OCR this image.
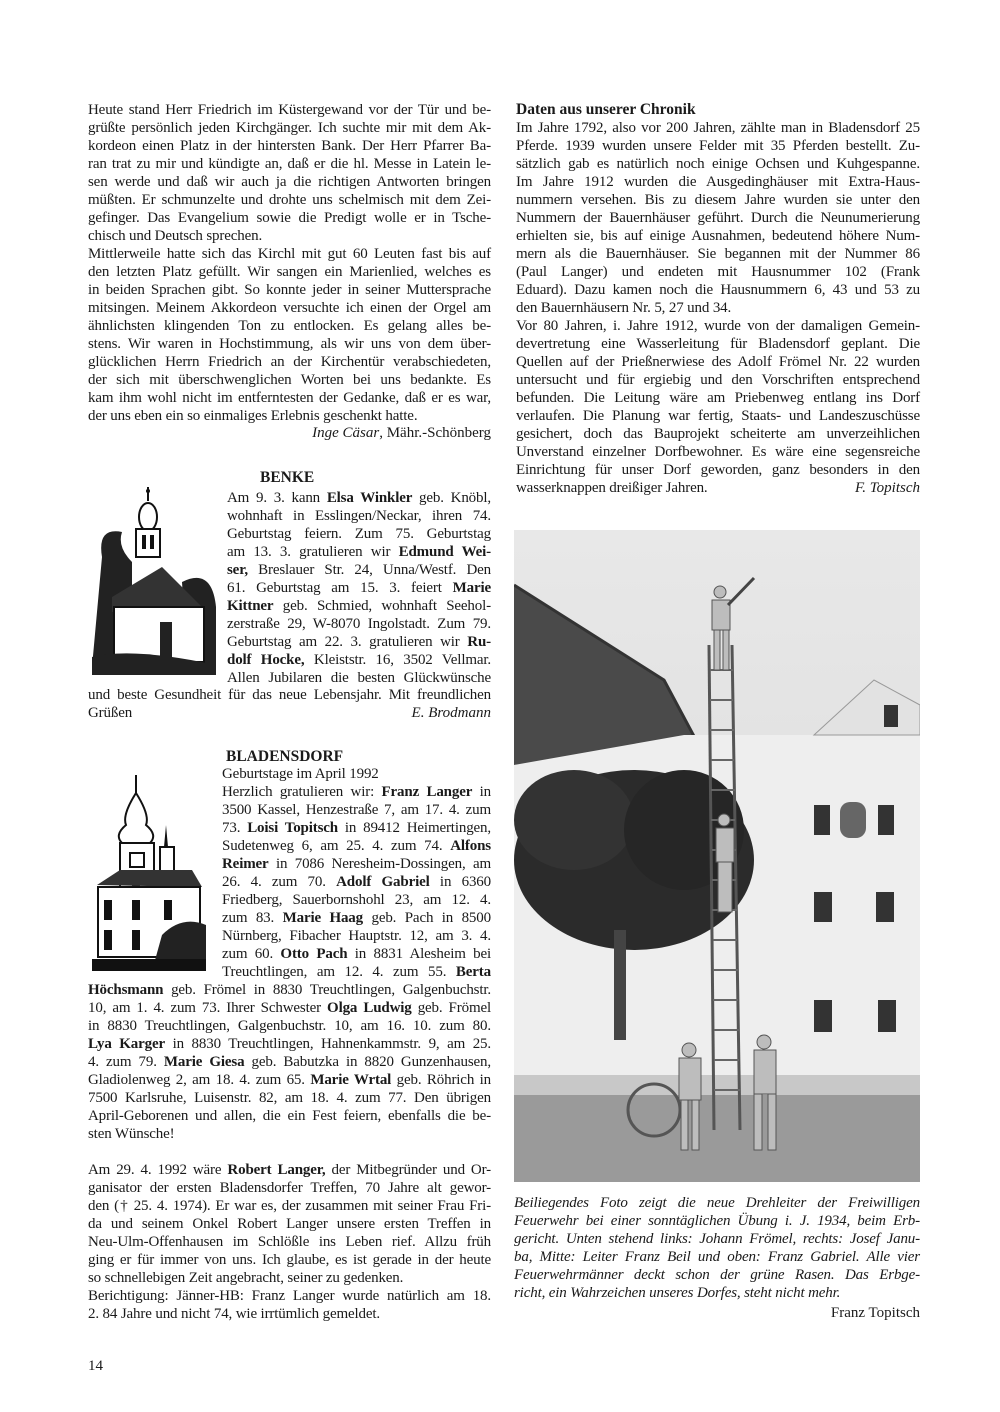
Heute stand Herr Friedrich im Küstergewand vor der Tür und be-
grüßte persönlich jeden Kirchgänger. Ich suchte mir mit dem Ak-
kordeon einen Platz in der hintersten Bank. Der Herr Pfarrer Ba-
ran trat zu mir und kündigte an, daß er die hl. Messe in Latein le-
sen werde und daß wir auch ja die richtigen Antworten bringen
müßten. Er schmunzelte und drohte uns schelmisch mit dem Zei-
gefinger. Das Evangelium sowie die Predigt wolle er in Tsche-
chisch und Deutsch sprechen.
Mittlerweile hatte sich das Kirchl mit gut 60 Leuten fast bis auf
den letzten Platz gefüllt. Wir sangen ein Marienlied, welches es
in beiden Sprachen gibt. So konnte jeder in seiner Muttersprache
mitsingen. Meinem Akkordeon versuchte ich einen der Orgel am
ähnlichsten klingenden Ton zu entlocken. Es gelang alles be-
stens. Wir waren in Hochstimmung, als wir uns von dem über-
glücklichen Herrn Friedrich an der Kirchentür verabschiedeten,
der sich mit überschwenglichen Worten bei uns bedankte. Es
kam ihm wohl nicht im entferntesten der Gedanke, daß er es war,
der uns eben ein so einmaliges Erlebnis geschenkt hatte.
Inge Cäsar, Mähr.-Schönberg
BENKE
Am 9. 3. kann Elsa Winkler geb. Knöbl,
wohnhaft in Esslingen/Neckar, ihren 74.
Geburtstag feiern. Zum 75. Geburtstag
am 13. 3. gratulieren wir Edmund Wei-
ser, Breslauer Str. 24, Unna/Westf. Den
61. Geburtstag am 15. 3. feiert Marie
Kittner geb. Schmied, wohnhaft Seehol-
zerstraße 29, W-8070 Ingolstadt. Zum 79.
Geburtstag am 22. 3. gratulieren wir Ru-
dolf Hocke, Kleiststr. 16, 3502 Vellmar.
Allen Jubilaren die besten Glückwünsche
und beste Gesundheit für das neue Lebensjahr. Mit freundlichen
Grüßen	E. Brodmann
BLADENSDORF
Geburtstage im April 1992
Herzlich gratulieren wir: Franz Langer in
3500 Kassel, Henzestraße 7, am 17. 4. zum
73. Loisi Topitsch in 89412 Heimertingen,
Sudetenweg 6, am 25. 4. zum 74. Alfons
Reimer in 7086 Neresheim-Dossingen, am
26. 4. zum 70. Adolf Gabriel in 6360
Friedberg, Sauerbornshohl 23, am 12. 4.
zum 83. Marie Haag geb. Pach in 8500
Nürnberg, Fibacher Hauptstr. 12, am 3. 4.
zum 60. Otto Pach in 8831 Alesheim bei
Treuchtlingen, am 12. 4. zum 55. Berta
Höchsmann geb. Frömel in 8830 Treuchtlingen, Galgenbuchstr.
10, am 1. 4. zum 73. Ihrer Schwester Olga Ludwig geb. Frömel
in 8830 Treuchtlingen, Galgenbuchstr. 10, am 16. 10. zum 80.
Lya Karger in 8830 Treuchtlingen, Hahnenkammstr. 9, am 25.
4. zum 79. Marie Giesa geb. Babutzka in 8820 Gunzenhausen,
Gladiolenweg 2, am 18. 4. zum 65. Marie Wrtal geb. Röhrich in
7500 Karlsruhe, Luisenstr. 82, am 18. 4. zum 77. Den übrigen
April-Geborenen und allen, die ein Fest feiern, ebenfalls die be-
sten Wünsche!
Am 29. 4. 1992 wäre Robert Langer, der Mitbegründer und Or-
ganisator der ersten Bladensdorfer Treffen, 70 Jahre alt gewor-
den († 25. 4. 1974). Er war es, der zusammen mit seiner Frau Fri-
da und seinem Onkel Robert Langer unsere ersten Treffen in
Neu-Ulm-Offenhausen im Schlößle ins Leben rief. Allzu früh
ging er für immer von uns. Ich glaube, es ist gerade in der heute
so schnellebigen Zeit angebracht, seiner zu gedenken.
Berichtigung: Jänner-HB: Franz Langer wurde natürlich am 18.
2. 84 Jahre und nicht 74, wie irrtümlich gemeldet.
14
Daten aus unserer Chronik
Im Jahre 1792, also vor 200 Jahren, zählte man in Bladensdorf 25
Pferde. 1939 wurden unsere Felder mit 35 Pferden bestellt. Zu-
sätzlich gab es natürlich noch einige Ochsen und Kuhgespanne.
Im Jahre 1912 wurden die Ausgedinghäuser mit Extra-Haus-
nummern versehen. Bis zu diesem Jahre wurden sie unter den
Nummern der Bauernhäuser geführt. Durch die Neunumerierung
erhielten sie, bis auf einige Ausnahmen, bedeutend höhere Num-
mern als die Bauernhäuser. Sie begannen mit der Nummer 86
(Paul Langer) und endeten mit Hausnummer 102 (Frank
Eduard). Dazu kamen noch die Hausnummern 6, 43 und 53 zu
den Bauernhäusern Nr. 5, 27 und 34.
Vor 80 Jahren, i. Jahre 1912, wurde von der damaligen Gemein-
devertretung eine Wasserleitung für Bladensdorf geplant. Die
Quellen auf der Prießnerwiese des Adolf Frömel Nr. 22 wurden
untersucht und für ergiebig und den Vorschriften entsprechend
befunden. Die Leitung wäre am Priebenweg entlang ins Dorf
verlaufen. Die Planung war fertig, Staats- und Landeszuschüsse
gesichert, doch das Bauprojekt scheiterte am unverzeihlichen
Unverstand einzelner Dorfbewohner. Es wäre eine segensreiche
Einrichtung für unser Dorf geworden, ganz besonders in den
wasserknappen dreißiger Jahren.	F. Topitsch
Beiliegendes Foto zeigt die neue Drehleiter der Freiwilligen
Feuerwehr bei einer sonntäglichen Übung i. J. 1934, beim Erb-
gericht. Unten stehend links: Johann Frömel, rechts: Josef Janu-
ba, Mitte: Leiter Franz Beil und oben: Franz Gabriel. Alle vier
Feuerwehrmänner deckt schon der grüne Rasen. Das Erbge-
richt, ein Wahrzeichen unseres Dorfes, steht nicht mehr.
Franz Topitsch
